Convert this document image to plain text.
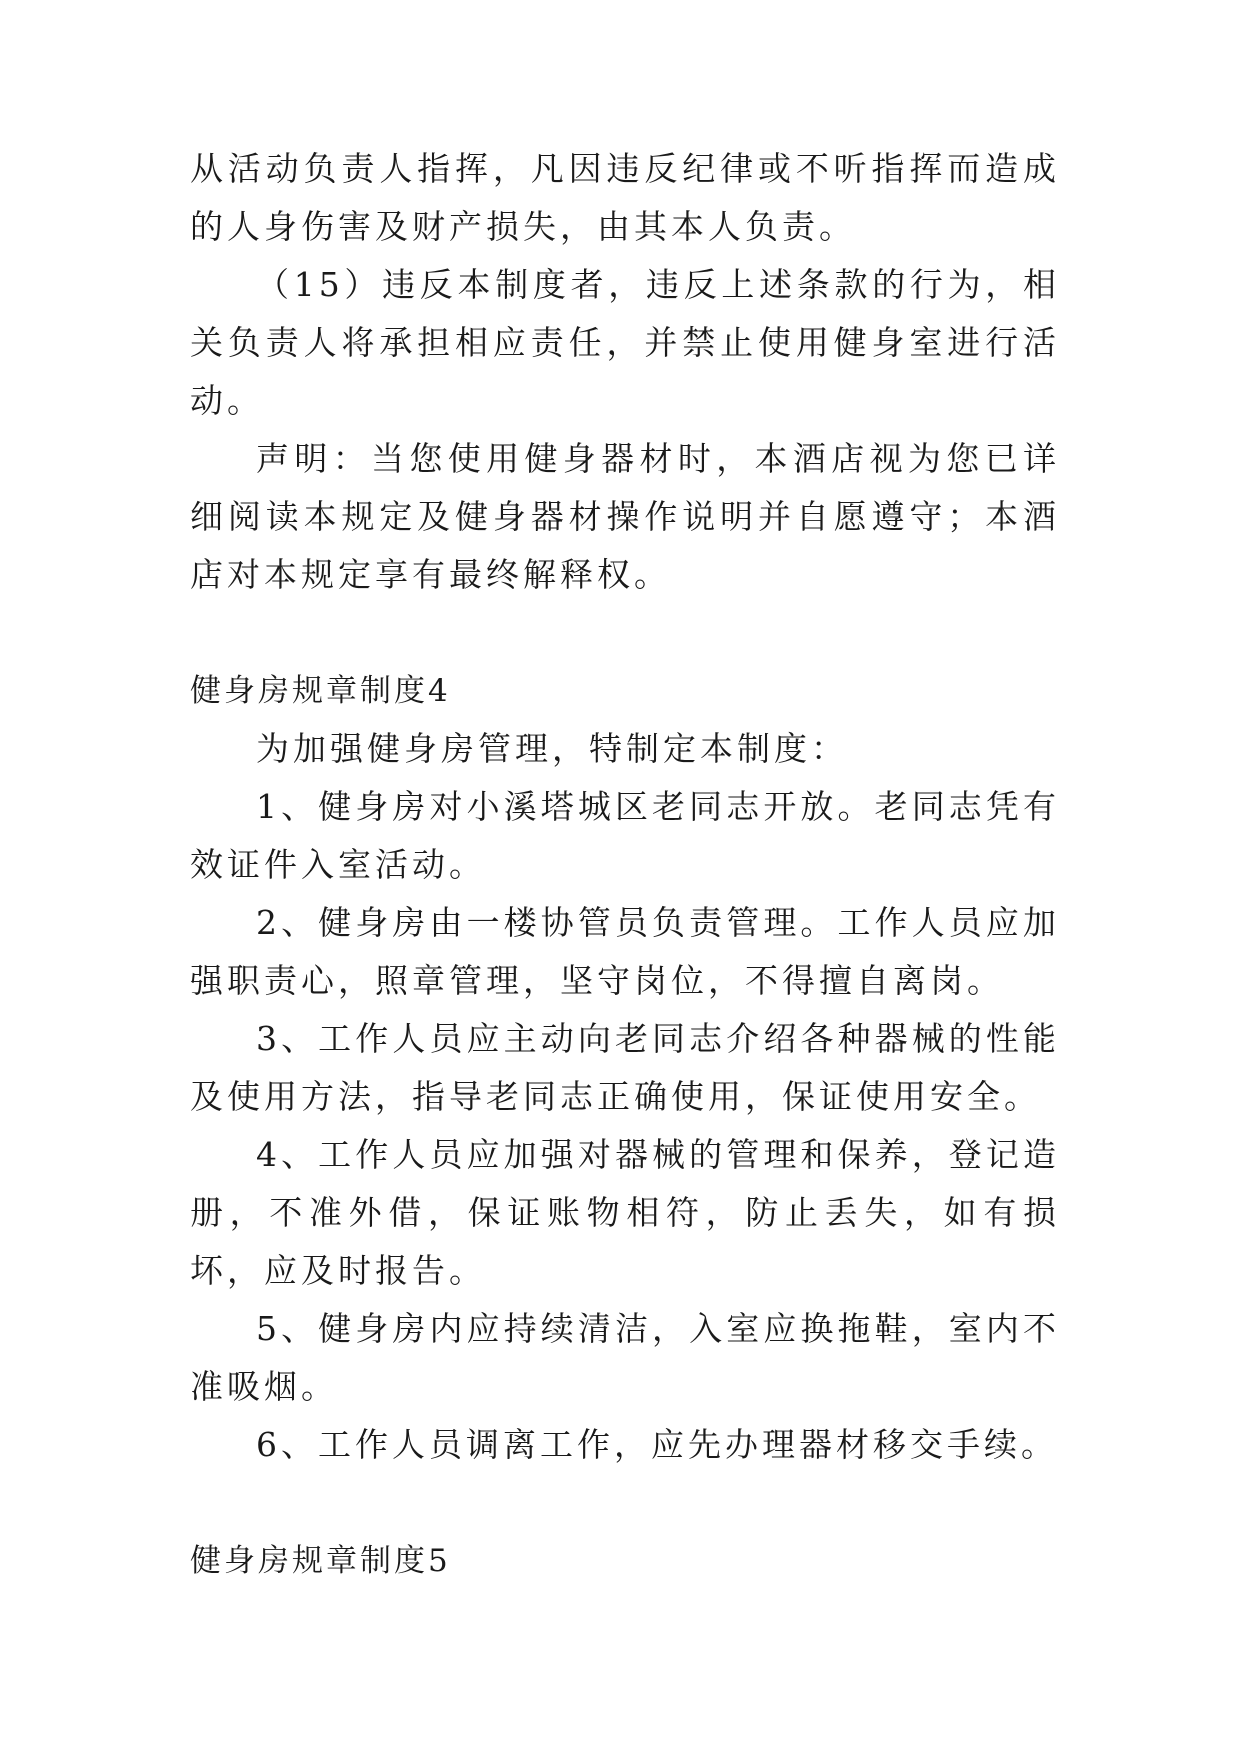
从活动负责人指挥，凡因违反纪律或不听指挥而造成的人身伤害及财产损失，由其本人负责。

（15）违反本制度者，违反上述条款的行为，相关负责人将承担相应责任，并禁止使用健身室进行活动。

声明：当您使用健身器材时，本酒店视为您已详细阅读本规定及健身器材操作说明并自愿遵守；本酒店对本规定享有最终解释权。

健身房规章制度4

为加强健身房管理，特制定本制度：

1、健身房对小溪塔城区老同志开放。老同志凭有效证件入室活动。

2、健身房由一楼协管员负责管理。工作人员应加强职责心，照章管理，坚守岗位，不得擅自离岗。

3、工作人员应主动向老同志介绍各种器械的性能及使用方法，指导老同志正确使用，保证使用安全。

4、工作人员应加强对器械的管理和保养，登记造册，不准外借，保证账物相符，防止丢失，如有损坏，应及时报告。

5、健身房内应持续清洁，入室应换拖鞋，室内不准吸烟。

6、工作人员调离工作，应先办理器材移交手续。

健身房规章制度5
